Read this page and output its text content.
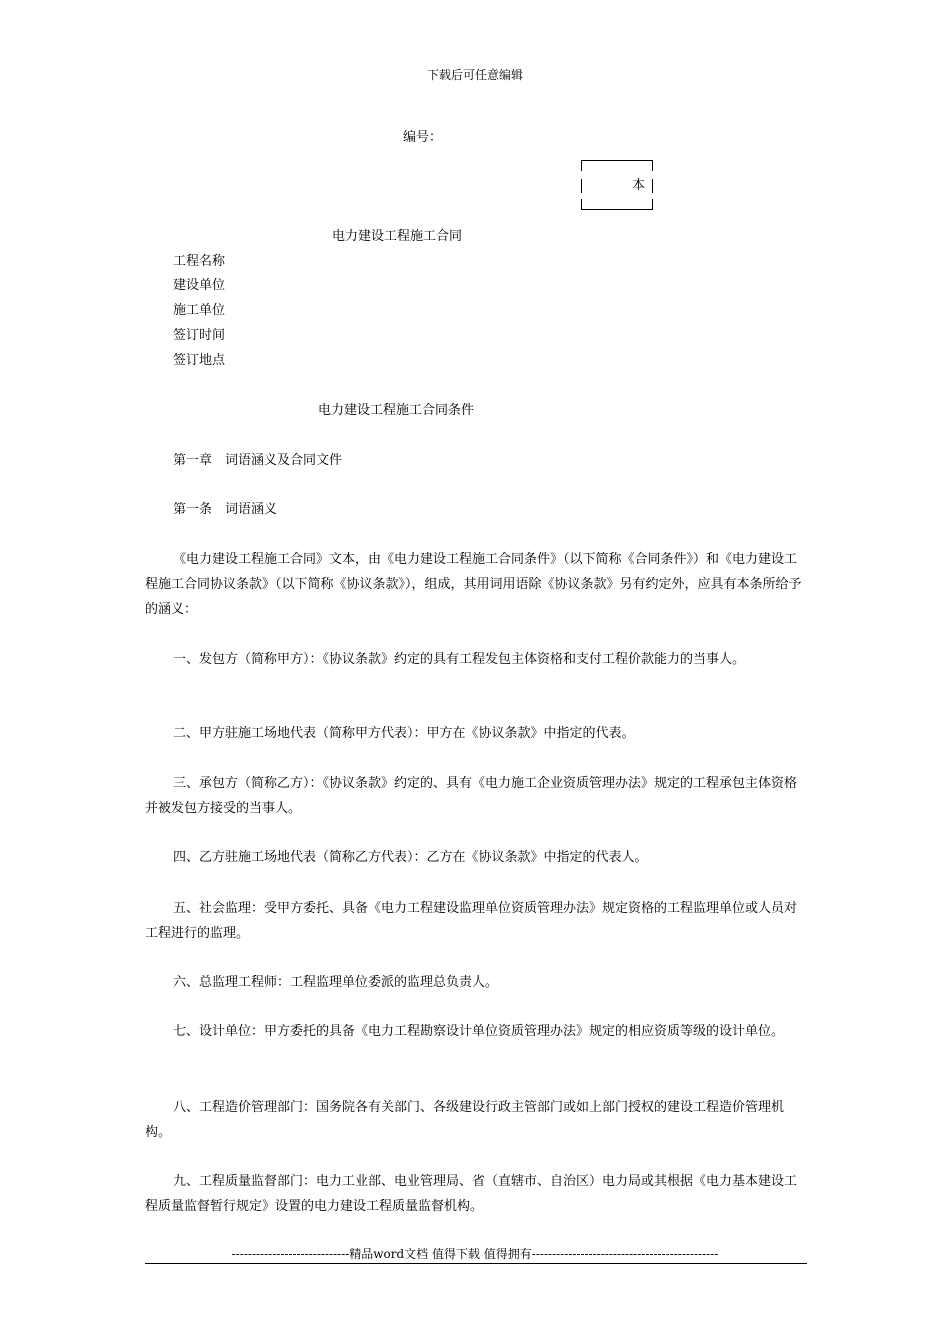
下载后可任意编辑
编号：
本
电力建设工程施工合同
工程名称
建设单位
施工单位
签订时间
签订地点
电力建设工程施工合同条件
第一章　词语涵义及合同文件
第一条　词语涵义
《电力建设工程施工合同》文本，由《电力建设工程施工合同条件》（以下简称《合同条件》）和《电力建设工程施工合同协议条款》（以下简称《协议条款》），组成，其用词用语除《协议条款》另有约定外，应具有本条所给予的涵义：
一、发包方（简称甲方）：《协议条款》约定的具有工程发包主体资格和支付工程价款能力的当事人。
二、甲方驻施工场地代表（简称甲方代表）：甲方在《协议条款》中指定的代表。
三、承包方（简称乙方）：《协议条款》约定的、具有《电力施工企业资质管理办法》规定的工程承包主体资格并被发包方接受的当事人。
四、乙方驻施工场地代表（简称乙方代表）：乙方在《协议条款》中指定的代表人。
五、社会监理：受甲方委托、具备《电力工程建设监理单位资质管理办法》规定资格的工程监理单位或人员对工程进行的监理。
六、总监理工程师：工程监理单位委派的监理总负责人。
七、设计单位：甲方委托的具备《电力工程勘察设计单位资质管理办法》规定的相应资质等级的设计单位。
八、工程造价管理部门：国务院各有关部门、各级建设行政主管部门或如上部门授权的建设工程造价管理机构。
九、工程质量监督部门：电力工业部、电业管理局、省（直辖市、自治区）电力局或其根据《电力基本建设工程质量监督暂行规定》设置的电力建设工程质量监督机构。
-----------------------------精品word文档 值得下载 值得拥有----------------------------------------------
